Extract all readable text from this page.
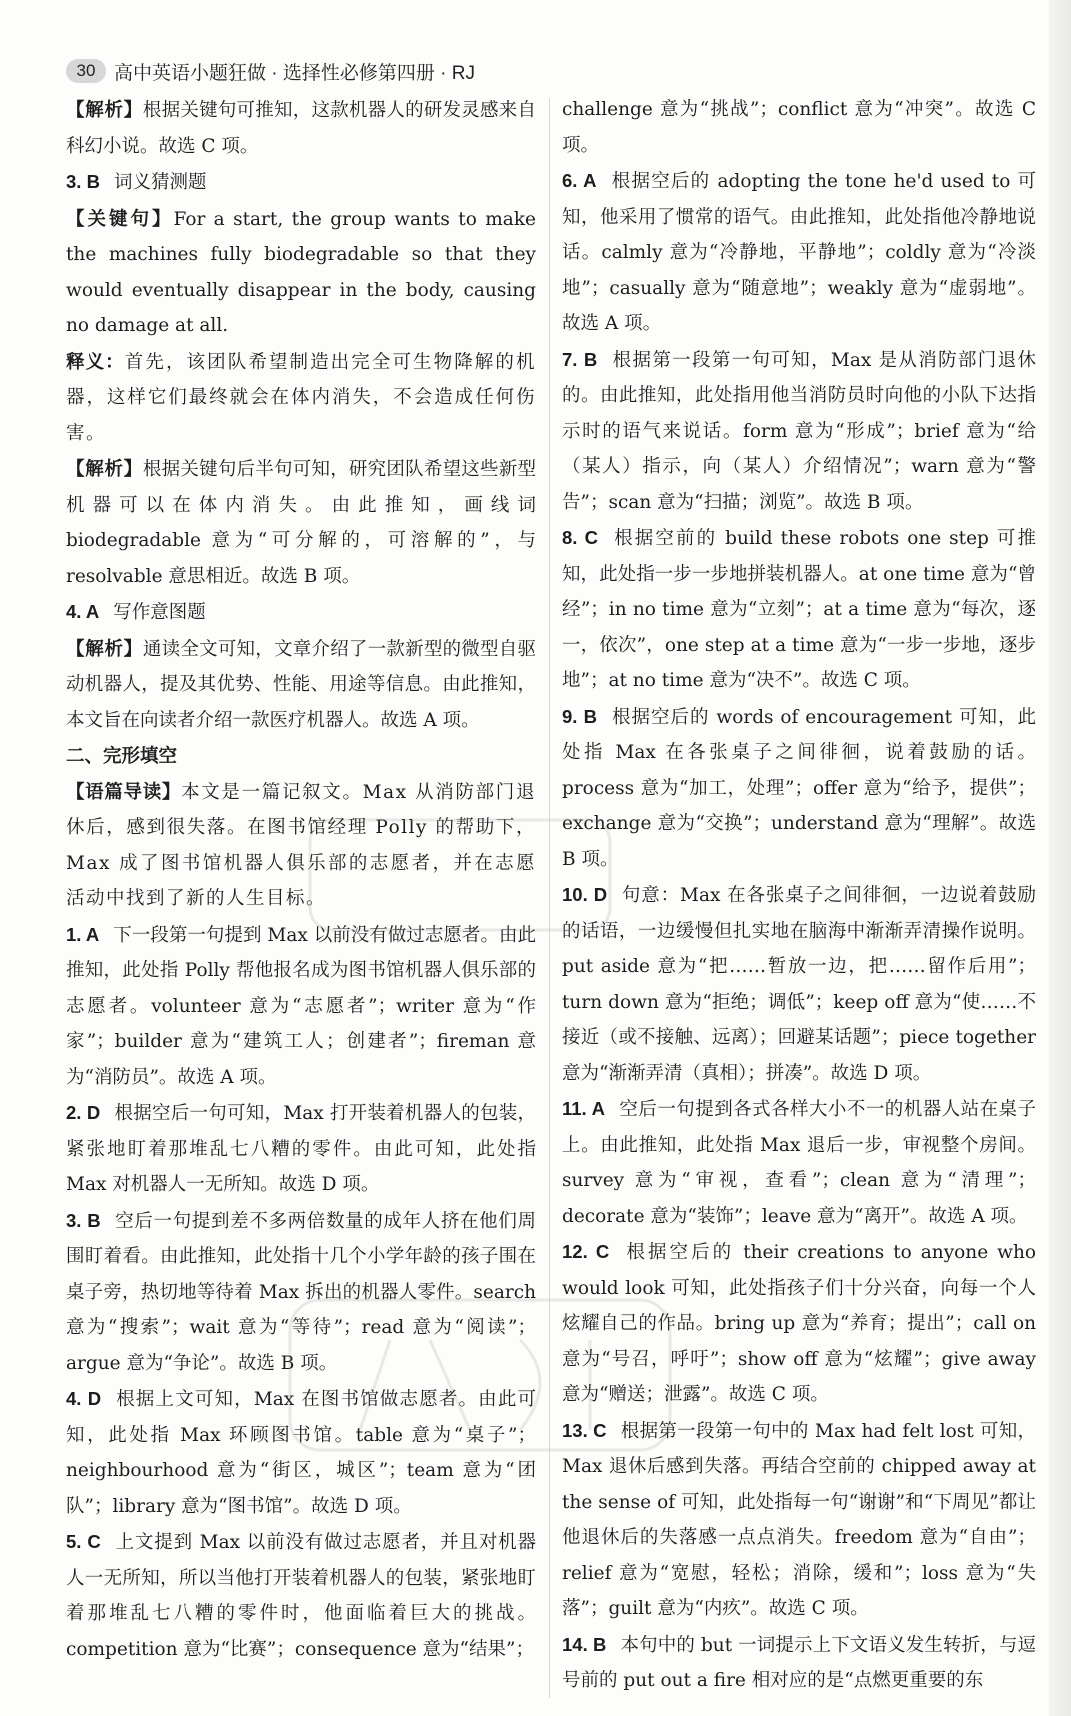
30 高中英语小题狂做 · 选择性必修第四册 · RJ

【解析】根据关键句可推知，这款机器人的研发灵感来自科幻小说。故选 C 项。

3. B 词义猜测题

【关键句】For a start, the group wants to make the machines fully biodegradable so that they would eventually disappear in the body, causing no damage at all.

释义：首先，该团队希望制造出完全可生物降解的机器，这样它们最终就会在体内消失，不会造成任何伤害。

【解析】根据关键句后半句可知，研究团队希望这些新型机器可以在体内消失。由此推知，画线词 biodegradable 意为“可分解的，可溶解的”，与 resolvable 意思相近。故选 B 项。

4. A 写作意图题

【解析】通读全文可知，文章介绍了一款新型的微型自驱动机器人，提及其优势、性能、用途等信息。由此推知，本文旨在向读者介绍一款医疗机器人。故选 A 项。

二、完形填空

【语篇导读】本文是一篇记叙文。Max 从消防部门退休后，感到很失落。在图书馆经理 Polly 的帮助下，Max 成了图书馆机器人俱乐部的志愿者，并在志愿活动中找到了新的人生目标。

1. A 下一段第一句提到 Max 以前没有做过志愿者。由此推知，此处指 Polly 帮他报名成为图书馆机器人俱乐部的志愿者。volunteer 意为“志愿者”；writer 意为“作家”；builder 意为“建筑工人；创建者”；fireman 意为“消防员”。故选 A 项。

2. D 根据空后一句可知，Max 打开装着机器人的包装，紧张地盯着那堆乱七八糟的零件。由此可知，此处指 Max 对机器人一无所知。故选 D 项。

3. B 空后一句提到差不多两倍数量的成年人挤在他们周围盯着看。由此推知，此处指十几个小学年龄的孩子围在桌子旁，热切地等待着 Max 拆出的机器人零件。search 意为“搜索”；wait 意为“等待”；read 意为“阅读”；argue 意为“争论”。故选 B 项。

4. D 根据上文可知，Max 在图书馆做志愿者。由此可知，此处指 Max 环顾图书馆。table 意为“桌子”；neighbourhood 意为“街区，城区”；team 意为“团队”；library 意为“图书馆”。故选 D 项。

5. C 上文提到 Max 以前没有做过志愿者，并且对机器人一无所知，所以当他打开装着机器人的包装，紧张地盯着那堆乱七八糟的零件时，他面临着巨大的挑战。competition 意为“比赛”；consequence 意为“结果”；

challenge 意为“挑战”；conflict 意为“冲突”。故选 C 项。

6. A 根据空后的 adopting the tone he'd used to 可知，他采用了惯常的语气。由此推知，此处指他冷静地说话。calmly 意为“冷静地，平静地”；coldly 意为“冷淡地”；casually 意为“随意地”；weakly 意为“虚弱地”。故选 A 项。

7. B 根据第一段第一句可知，Max 是从消防部门退休的。由此推知，此处指用他当消防员时向他的小队下达指示时的语气来说话。form 意为“形成”；brief 意为“给（某人）指示，向（某人）介绍情况”；warn 意为“警告”；scan 意为“扫描；浏览”。故选 B 项。

8. C 根据空前的 build these robots one step 可推知，此处指一步一步地拼装机器人。at one time 意为“曾经”；in no time 意为“立刻”；at a time 意为“每次，逐一，依次”，one step at a time 意为“一步一步地，逐步地”；at no time 意为“决不”。故选 C 项。

9. B 根据空后的 words of encouragement 可知，此处指 Max 在各张桌子之间徘徊，说着鼓励的话。process 意为“加工，处理”；offer 意为“给予，提供”；exchange 意为“交换”；understand 意为“理解”。故选 B 项。

10. D 句意：Max 在各张桌子之间徘徊，一边说着鼓励的话语，一边缓慢但扎实地在脑海中渐渐弄清操作说明。put aside 意为“把……暂放一边，把……留作后用”；turn down 意为“拒绝；调低”；keep off 意为“使……不接近（或不接触、远离）；回避某话题”；piece together 意为“渐渐弄清（真相）；拼凑”。故选 D 项。

11. A 空后一句提到各式各样大小不一的机器人站在桌子上。由此推知，此处指 Max 退后一步，审视整个房间。survey 意为“审视，查看”；clean 意为“清理”；decorate 意为“装饰”；leave 意为“离开”。故选 A 项。

12. C 根据空后的 their creations to anyone who would look 可知，此处指孩子们十分兴奋，向每一个人炫耀自己的作品。bring up 意为“养育；提出”；call on 意为“号召，呼吁”；show off 意为“炫耀”；give away 意为“赠送；泄露”。故选 C 项。

13. C 根据第一段第一句中的 Max had felt lost 可知，Max 退休后感到失落。再结合空前的 chipped away at the sense of 可知，此处指每一句“谢谢”和“下周见”都让他退休后的失落感一点点消失。freedom 意为“自由”；relief 意为“宽慰，轻松；消除，缓和”；loss 意为“失落”；guilt 意为“内疚”。故选 C 项。

14. B 本句中的 but 一词提示上下文语义发生转折，与逗号前的 put out a fire 相对应的是“点燃更重要的东
